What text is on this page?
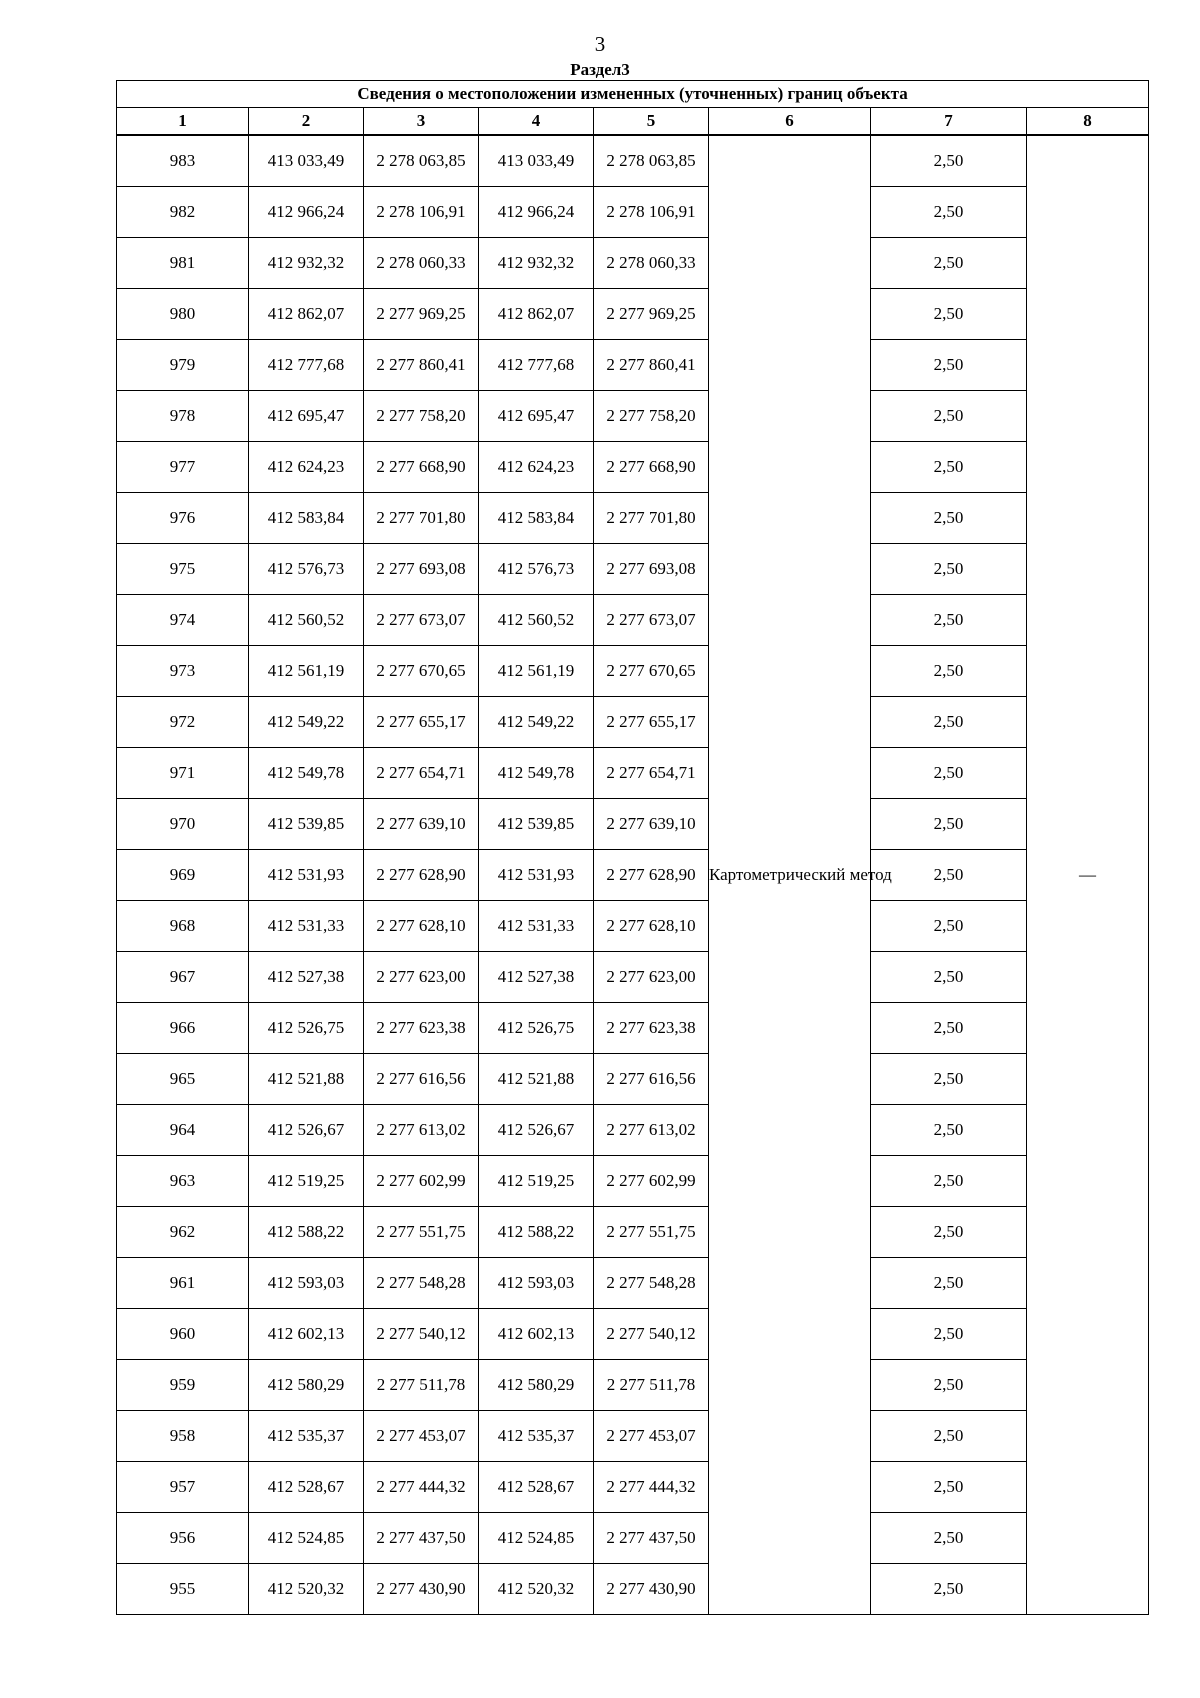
3
Раздел3
Сведения о местоположении измененных (уточненных) границ объекта							
1	2	3	4	5	6	7	8
983	413 033,49	2 278 063,85	413 033,49	2 278 063,85	Картометрический метод	2,50	—
982	412 966,24	2 278 106,91	412 966,24	2 278 106,91		2,50	
981	412 932,32	2 278 060,33	412 932,32	2 278 060,33		2,50	
980	412 862,07	2 277 969,25	412 862,07	2 277 969,25		2,50	
979	412 777,68	2 277 860,41	412 777,68	2 277 860,41		2,50	
978	412 695,47	2 277 758,20	412 695,47	2 277 758,20		2,50	
977	412 624,23	2 277 668,90	412 624,23	2 277 668,90		2,50	
976	412 583,84	2 277 701,80	412 583,84	2 277 701,80		2,50	
975	412 576,73	2 277 693,08	412 576,73	2 277 693,08		2,50	
974	412 560,52	2 277 673,07	412 560,52	2 277 673,07		2,50	
973	412 561,19	2 277 670,65	412 561,19	2 277 670,65		2,50	
972	412 549,22	2 277 655,17	412 549,22	2 277 655,17		2,50	
971	412 549,78	2 277 654,71	412 549,78	2 277 654,71		2,50	
970	412 539,85	2 277 639,10	412 539,85	2 277 639,10		2,50	
969	412 531,93	2 277 628,90	412 531,93	2 277 628,90		2,50	
968	412 531,33	2 277 628,10	412 531,33	2 277 628,10		2,50	
967	412 527,38	2 277 623,00	412 527,38	2 277 623,00		2,50	
966	412 526,75	2 277 623,38	412 526,75	2 277 623,38		2,50	
965	412 521,88	2 277 616,56	412 521,88	2 277 616,56		2,50	
964	412 526,67	2 277 613,02	412 526,67	2 277 613,02		2,50	
963	412 519,25	2 277 602,99	412 519,25	2 277 602,99		2,50	
962	412 588,22	2 277 551,75	412 588,22	2 277 551,75		2,50	
961	412 593,03	2 277 548,28	412 593,03	2 277 548,28		2,50	
960	412 602,13	2 277 540,12	412 602,13	2 277 540,12		2,50	
959	412 580,29	2 277 511,78	412 580,29	2 277 511,78		2,50	
958	412 535,37	2 277 453,07	412 535,37	2 277 453,07		2,50	
957	412 528,67	2 277 444,32	412 528,67	2 277 444,32		2,50	
956	412 524,85	2 277 437,50	412 524,85	2 277 437,50		2,50	
955	412 520,32	2 277 430,90	412 520,32	2 277 430,90		2,50	
